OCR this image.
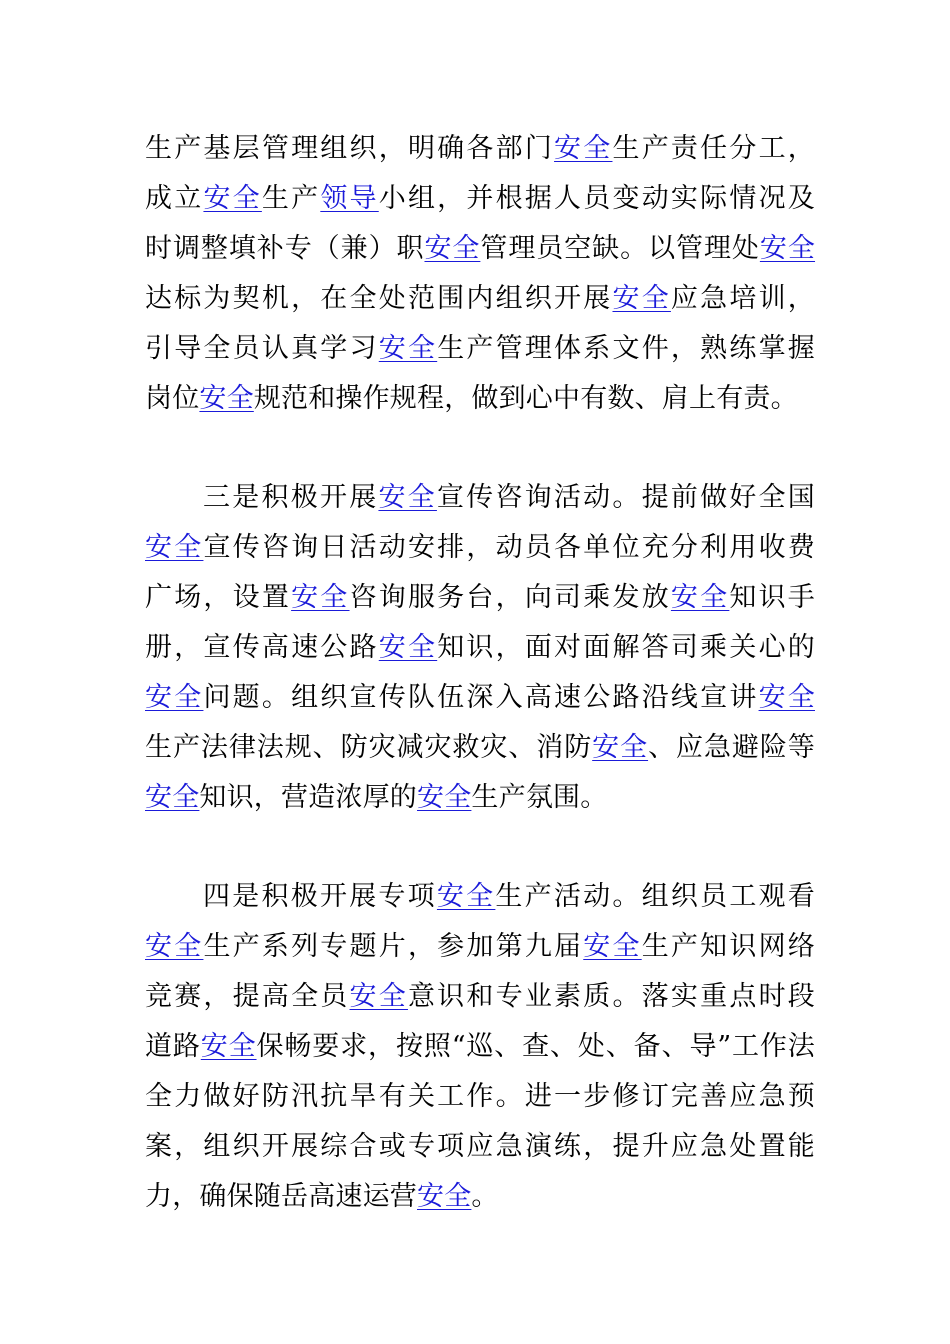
生产基层管理组织，明确各部门安全生产责任分工，
成立安全生产领导小组，并根据人员变动实际情况及
时调整填补专（兼）职安全管理员空缺。以管理处安全
达标为契机，在全处范围内组织开展安全应急培训，
引导全员认真学习安全生产管理体系文件，熟练掌握
岗位安全规范和操作规程，做到心中有数、肩上有责。
三是积极开展安全宣传咨询活动。提前做好全国
安全宣传咨询日活动安排，动员各单位充分利用收费
广场，设置安全咨询服务台，向司乘发放安全知识手
册，宣传高速公路安全知识，面对面解答司乘关心的
安全问题。组织宣传队伍深入高速公路沿线宣讲安全
生产法律法规、防灾减灾救灾、消防安全、应急避险等
安全知识，营造浓厚的安全生产氛围。
四是积极开展专项安全生产活动。组织员工观看
安全生产系列专题片，参加第九届安全生产知识网络
竞赛，提高全员安全意识和专业素质。落实重点时段
道路安全保畅要求，按照“巡、查、处、备、导”工作法
全力做好防汛抗旱有关工作。进一步修订完善应急预
案，组织开展综合或专项应急演练，提升应急处置能
力，确保随岳高速运营安全。
